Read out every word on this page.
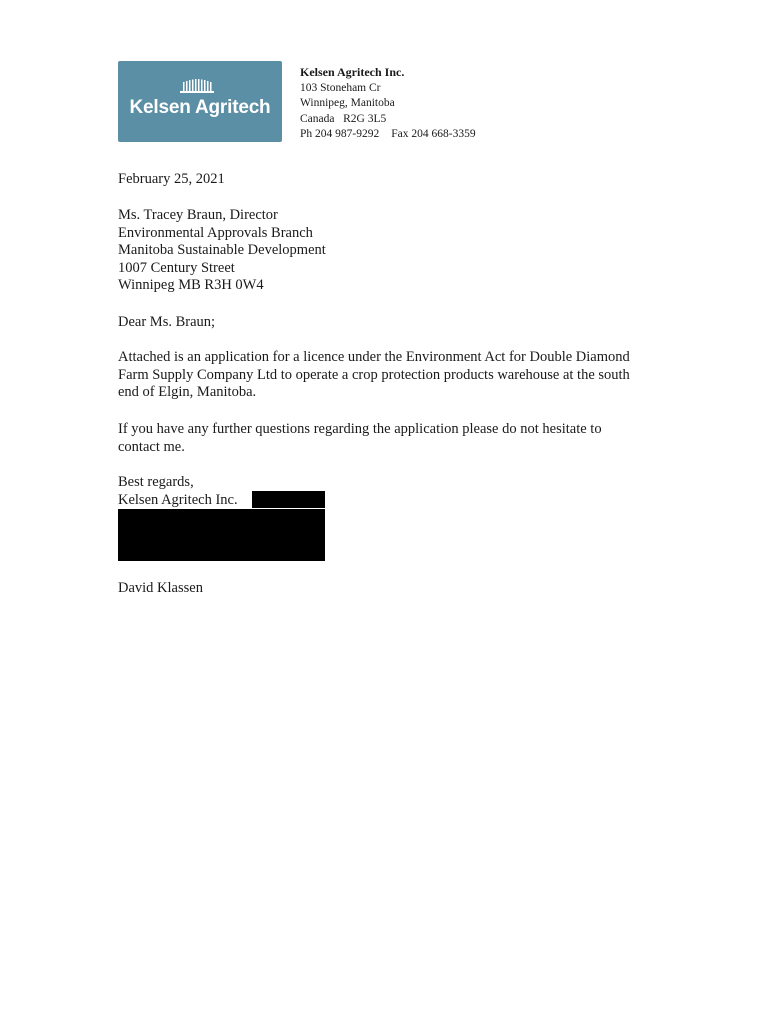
Kelsen Agritech
Kelsen Agritech Inc.
103 Stoneham Cr
Winnipeg, Manitoba
Canada   R2G 3L5
Ph 204 987-9292 Fax 204 668-3359
February 25, 2021
Ms. Tracey Braun, Director
Environmental Approvals Branch
Manitoba Sustainable Development
1007 Century Street
Winnipeg MB R3H 0W4
Dear Ms. Braun;
Attached is an application for a licence under the Environment Act for Double Diamond
Farm Supply Company Ltd to operate a crop protection products warehouse at the south
end of Elgin, Manitoba.
If you have any further questions regarding the application please do not hesitate to
contact me.
Best regards,
Kelsen Agritech Inc.
David Klassen
